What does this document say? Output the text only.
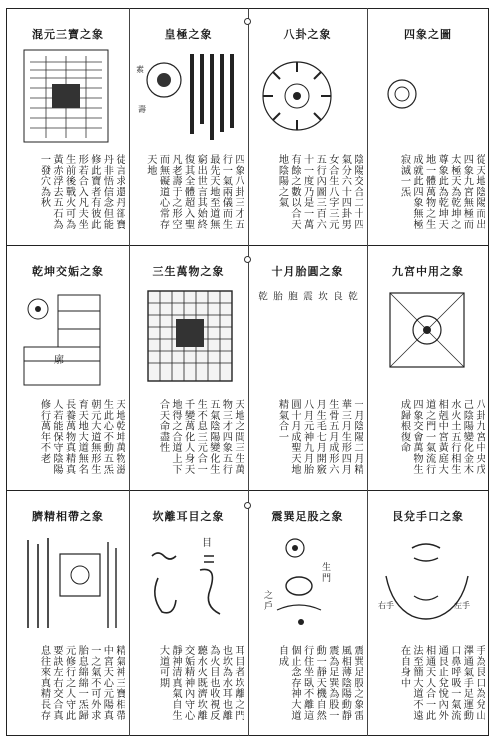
混元三寶之象
徒言求還丹卻寶丹非悟信念但能修此寶者有彼此形若合入凡夫坐生前後戰火可為黃赤浮去五石為一發穴為秋
皇極之象
素
壽
四象八卦三才五行一氣兩儀而生最先天地至道無窮出世言其始終復其全體超入聖凡老壽于之形空而無礙道心常存天地
八卦之象
陰陽交合二十四氣分六十四卦男女合生八字三元五行內圖三百六十一度乃是一萬有餘之數以合天地陰陽之氣
四象之圖
從天地陰陽而出四象九宮無極而太極天為乾坤之尊象此為乾坤天地一體萬物之生成就此四象無極寂滅一炁
乾坤交姤之象
廓
天地乾坤萬物滋生此心不動五炁朝元大道無形生育天地大道無名長養萬物真精真人若能保守陰陽修行萬年不老
三生萬物之象
天地之間三生萬物三才四象五行五氣陰陽變化生生不息三元合一千變萬化人身天地得之合道上下合天命盡性
十月胎圓之象
乾
良
坎
震
胞
胎
乾
一月陰陽二月精華三月生形四月生骨五月成形六月生毛七月開竅八月元神九月胎圓十月成聖天地精氣合一
九宮中用之象
八卦九宮中央戊己陰陽變化金木水火土五行相生相剋中宮黃庭大道之門一氣流行四象交會萬物生成歸根復命
臍精相帶之象
精氣神三寶相帶中宮天心元陽真一之氣不可外求胎息綿綿一炁歸元修行之人守此要訣左右交合真息往來真精長存
坎離耳目之象
目
耳目者坎離之門也坎為水耳也離為火目也收視反聽水火既濟坎離交姤精神內守心靜神清真氣自生大道可期
震巽足股之象
生門
之戶
震巽足股之象雷風相薄陰陽動靜震為足巽為股一動一靜天機自然行住坐臥不離這個止念存神大道自成
艮兌手口之象
右手	左手
手為艮口為兌山澤通氣手足運動口鼻呼吸一氣流通艮止兌悅內外相通天人合一此法至簡大道不遠在自身中
